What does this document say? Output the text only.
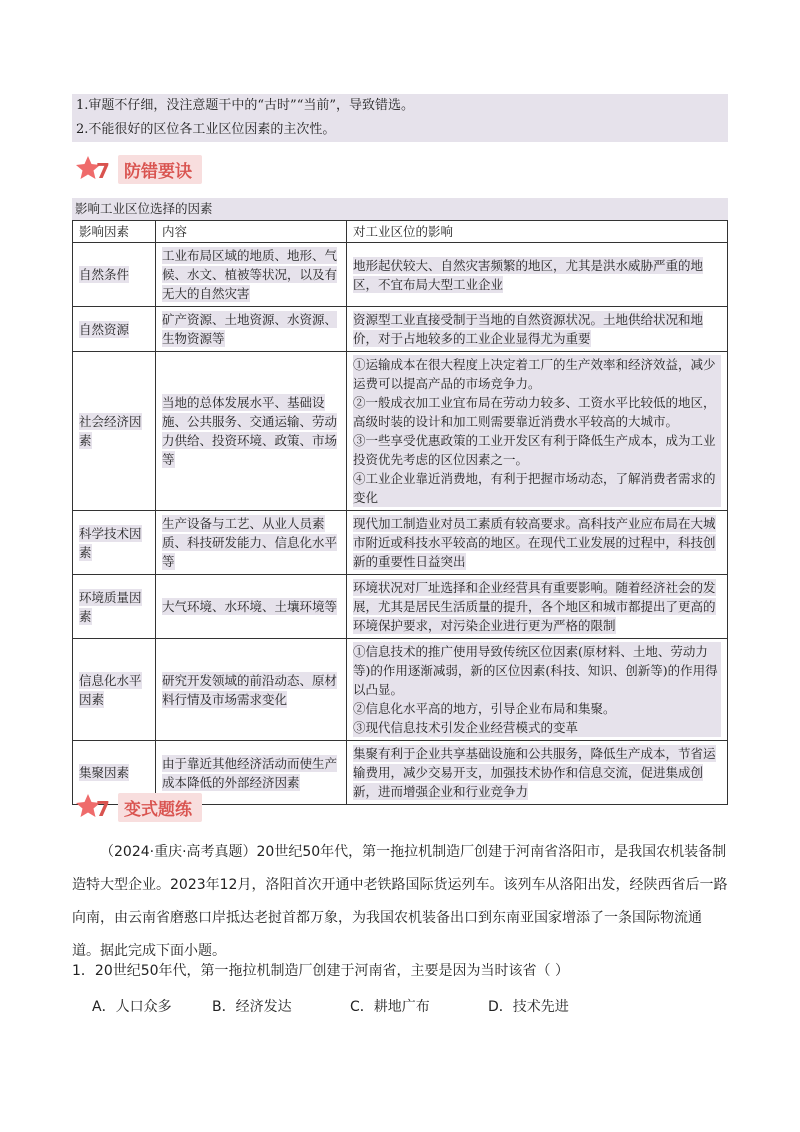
1.审题不仔细，没注意题干中的“古时”“当前”，导致错选。
2.不能很好的区位各工业区位因素的主次性。
7 防错要诀
影响工业区位选择的因素
影响因素	内容	对工业区位的影响
自然条件	工业布局区域的地质、地形、气候、水文、植被等状况，以及有无大的自然灾害	地形起伏较大、自然灾害频繁的地区，尤其是洪水威胁严重的地区，不宜布局大型工业企业
自然资源	矿产资源、土地资源、水资源、生物资源等	资源型工业直接受制于当地的自然资源状况。土地供给状况和地价，对于占地较多的工业企业显得尤为重要
社会经济因素	当地的总体发展水平、基础设施、公共服务、交通运输、劳动力供给、投资环境、政策、市场等	①运输成本在很大程度上决定着工厂的生产效率和经济效益，减少运费可以提高产品的市场竞争力。
②一般成衣加工业宜布局在劳动力较多、工资水平比较低的地区，高级时装的设计和加工则需要靠近消费水平较高的大城市。
③一些享受优惠政策的工业开发区有利于降低生产成本，成为工业投资优先考虑的区位因素之一。
④工业企业靠近消费地，有利于把握市场动态，了解消费者需求的变化

科学技术因素	生产设备与工艺、从业人员素质、科技研发能力、信息化水平等	现代加工制造业对员工素质有较高要求。高科技产业应布局在大城市附近或科技水平较高的地区。在现代工业发展的过程中，科技创新的重要性日益突出
环境质量因素	大气环境、水环境、土壤环境等	环境状况对厂址选择和企业经营具有重要影响。随着经济社会的发展，尤其是居民生活质量的提升，各个地区和城市都提出了更高的环境保护要求，对污染企业进行更为严格的限制
信息化水平因素	研究开发领域的前沿动态、原材料行情及市场需求变化	①信息技术的推广使用导致传统区位因素(原材料、土地、劳动力等)的作用逐渐减弱，新的区位因素(科技、知识、创新等)的作用得以凸显。
②信息化水平高的地方，引导企业布局和集聚。
③现代信息技术引发企业经营模式的变革

集聚因素	由于靠近其他经济活动而使生产成本降低的外部经济因素	集聚有利于企业共享基础设施和公共服务，降低生产成本，节省运输费用，减少交易开支，加强技术协作和信息交流，促进集成创新，进而增强企业和行业竞争力
7 变式题练
（2024·重庆·高考真题）20世纪50年代，第一拖拉机制造厂创建于河南省洛阳市，是我国农机装备制造特大型企业。2023年12月，洛阳首次开通中老铁路国际货运列车。该列车从洛阳出发，经陕西省后一路向南，由云南省磨憨口岸抵达老挝首都万象，为我国农机装备出口到东南亚国家增添了一条国际物流通道。据此完成下面小题。
1．20世纪50年代，第一拖拉机制造厂创建于河南省，主要是因为当时该省（ ）
A．人口众多	B．经济发达	C．耕地广布	D．技术先进
